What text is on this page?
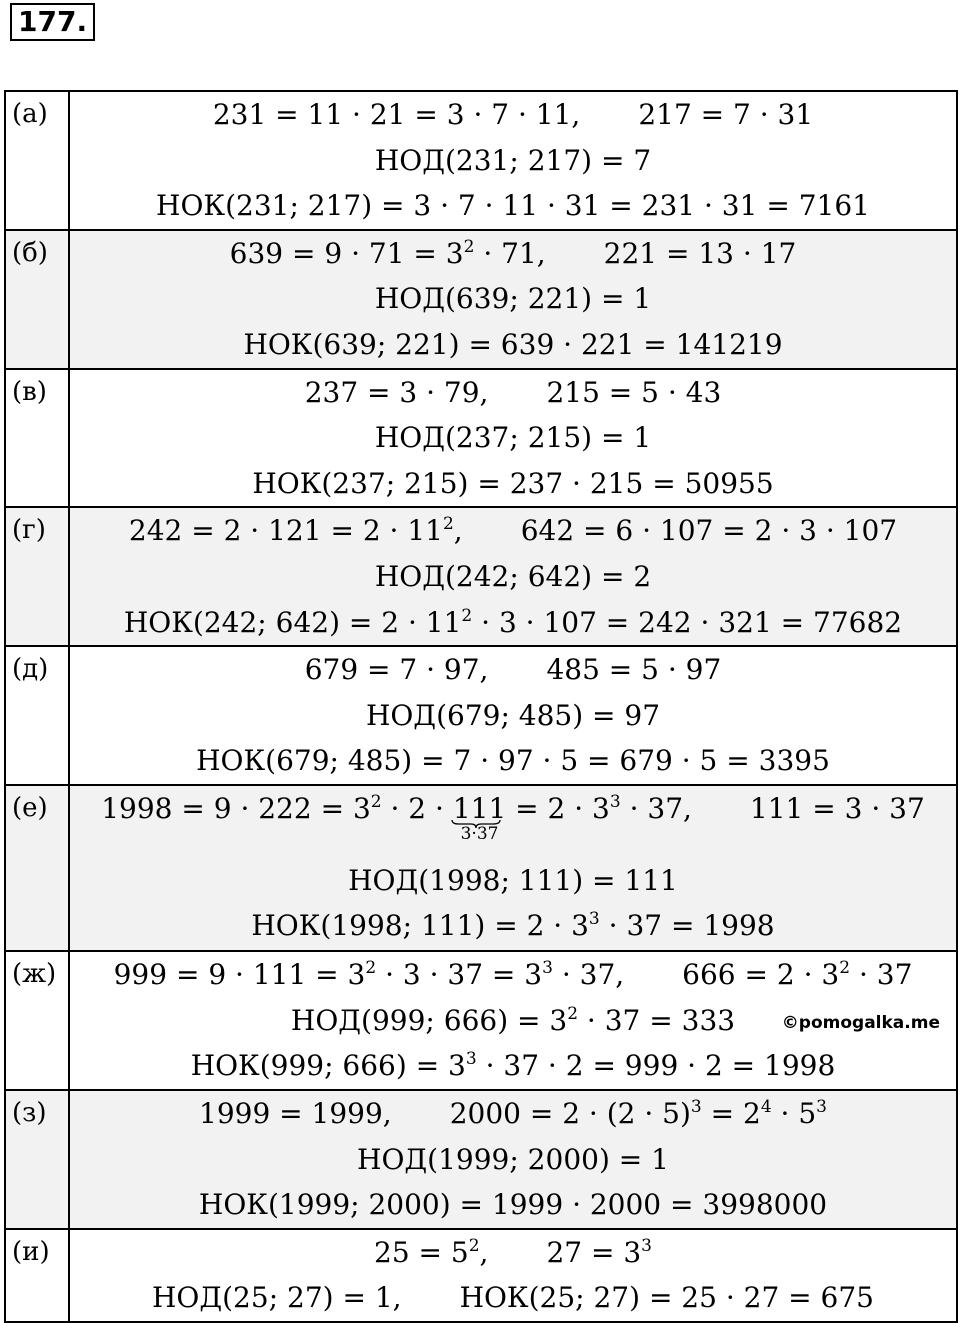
177.
(а)	231 = 11 · 21 = 3 · 7 · 11, 217 = 7 · 31
НОД(231; 217) = 7
НОК(231; 217) = 3 · 7 · 11 · 31 = 231 · 31 = 7161

(б)	$639 = 9 \cdot 71 = 3^2 \cdot 71$, 221 = 13 · 17
НОД(639; 221) = 1
НОК(639; 221) = 639 · 221 = 141219

(в)	237 = 3 · 79, 215 = 5 · 43
НОД(237; 215) = 1
НОК(237; 215) = 237 · 215 = 50955

(г)	$242 = 2 \cdot 121 = 2 \cdot 11^2$, 642 = 6 · 107 = 2 · 3 · 107
НОД(242; 642) = 2
НОК(242; $642) = 2 \cdot 11^2 \cdot 3 \cdot 107 = 242 \cdot 321 = 77682$

(д)	679 = 7 · 97, 485 = 5 · 97
НОД(679; 485) = 97
НОК(679; 485) = 7 · 97 · 5 = 679 · 5 = 3395

(е)	$1998 = 9 \cdot 222 = 3^2 \cdot 2 \cdot 111$
3·37
= $2 \cdot 3^3 \cdot 37$, 111 = 3 · 37
НОД(1998; 111) = 111
НОК(1998; $111) = 2 \cdot 3^3 \cdot 37 = 1998$

(ж)	$999 = 9 \cdot 111 = 3^2 \cdot 3 \cdot 37 = 3^3 \cdot 37$, $666 = 2 \cdot 3^2 \cdot 37$
НОД(999; $666) = 3^2 \cdot 37 = 333$
НОК(999; $666) = 3^3 \cdot 37 \cdot 2 = 999 \cdot 2 = 1998$

(з)	1999 = 1999, $2000 = 2 \cdot (2 \cdot 5)^3 = 2^4 \cdot 5^3$
НОД(1999; 2000) = 1
НОК(1999; 2000) = 1999 · 2000 = 3998000

(и)	$25 = 5^2$, $27 = 3^3$
НОД(25; 27) = 1, НОК(25; 27) = 25 · 27 = 675
©pomogalka.me
